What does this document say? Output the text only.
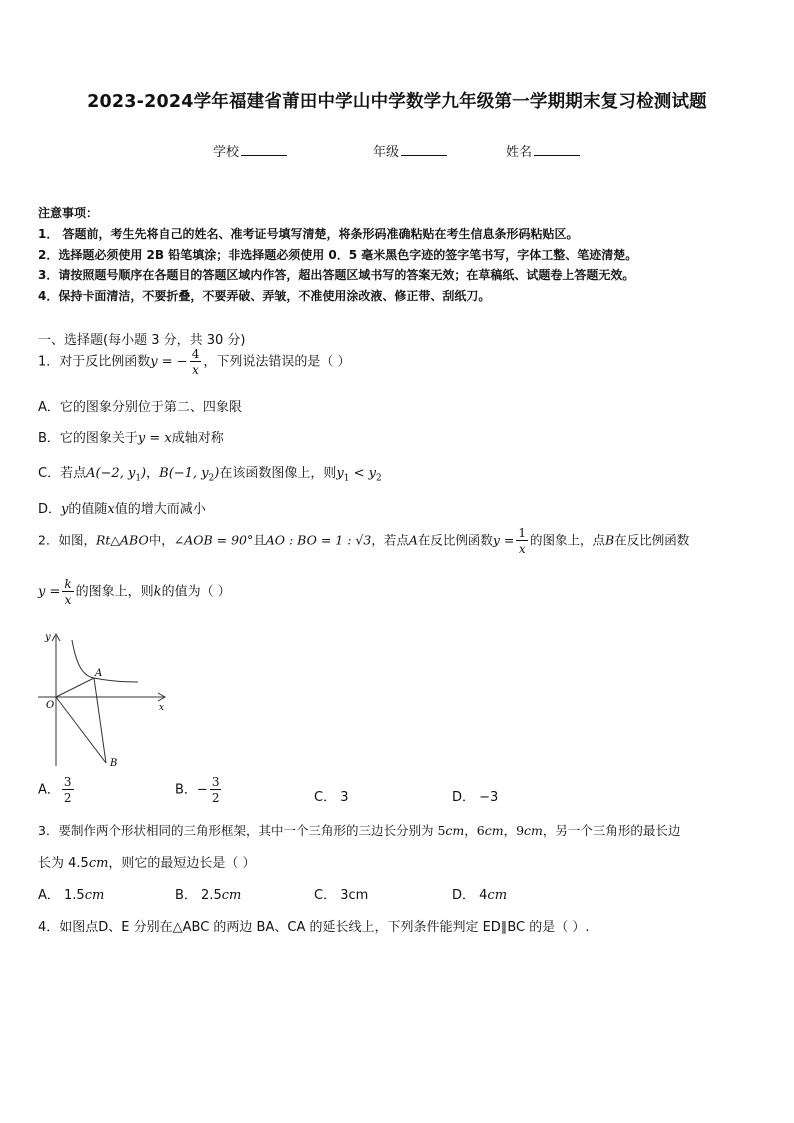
2023-2024学年福建省莆田中学山中学数学九年级第一学期期末复习检测试题
学校	年级	姓名
注意事项：
1． 答题前，考生先将自己的姓名、准考证号填写清楚，将条形码准确粘贴在考生信息条形码粘贴区。
2．选择题必须使用 2B 铅笔填涂；非选择题必须使用 0．5 毫米黑色字迹的签字笔书写，字体工整、笔迹清楚。
3．请按照题号顺序在各题目的答题区域内作答，超出答题区域书写的答案无效；在草稿纸、试题卷上答题无效。
4．保持卡面清洁，不要折叠，不要弄破、弄皱，不准使用涂改液、修正带、刮纸刀。
一、选择题(每小题 3 分，共 30 分)
1．对于反比例函数y = − $\frac{4}{x}$ ，下列说法错误的是（ ）
A．它的图象分别位于第二、四象限
B．它的图象关于y = x成轴对称
C．若点A(−2, $y_1$)，B(−1, $y_2$)在该函数图像上，则$y_1 < y_2$
D．y的值随x值的增大而减小
2．如图，Rt△ABO中，∠AOB = 90°且AO : BO = 1 : √3，若点A在反比例函数$y = \frac{1}{x}$ 的图象上，点B在反比例函数
$y = \frac{k}{x}$ 的图象上，则k的值为（ ）
y
A
O	x
B
A． $\frac{3}{2}$	B．− $\frac{3}{2}$	C． 3	D． −3
3．要制作两个形状相同的三角形框架，其中一个三角形的三边长分别为 5cm，6cm，9cm，另一个三角形的最长边
长为 4.5cm，则它的最短边长是（ ）
A． 1.5cm	B． 2.5cm	C． 3cm	D． 4cm
4．如图点D、E 分别在△ABC 的两边 BA、CA 的延长线上，下列条件能判定 ED∥BC 的是（ ）.
